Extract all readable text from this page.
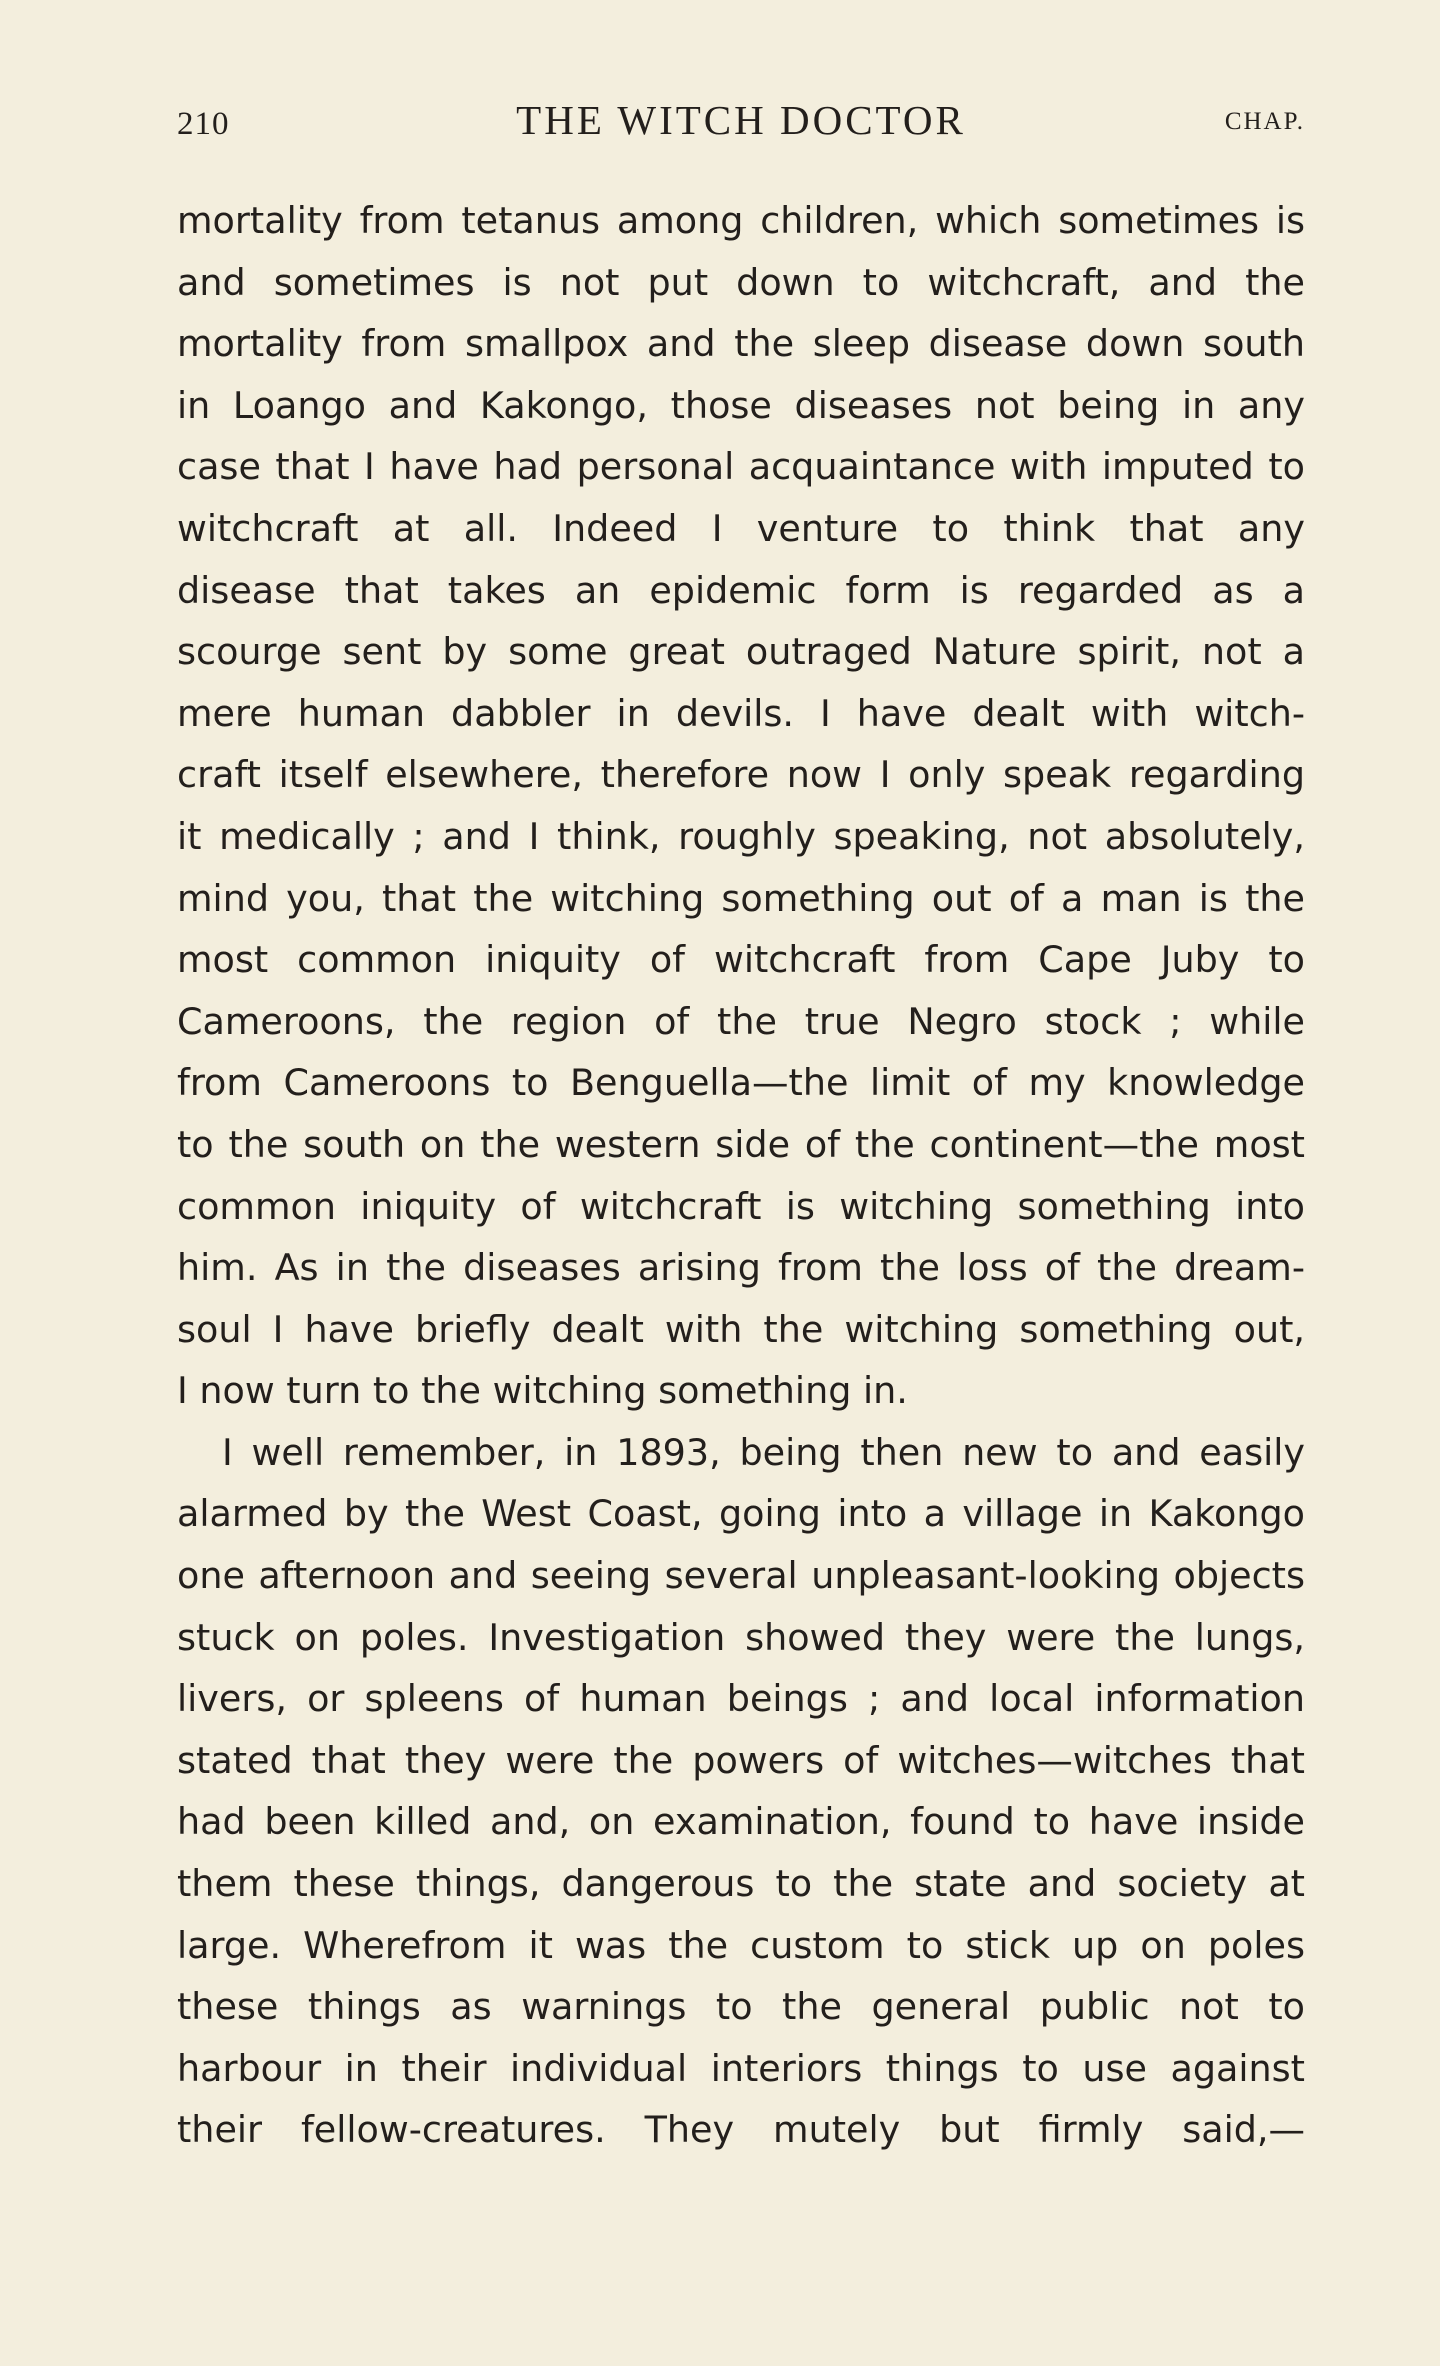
210	THE WITCH DOCTOR	CHAP.
mortality from tetanus among children, which sometimes is
and sometimes is not put down to witchcraft, and the
mortality from smallpox and the sleep disease down south
in Loango and Kakongo, those diseases not being in any
case that I have had personal acquaintance with imputed to
witchcraft at all. Indeed I venture to think that any
disease that takes an epidemic form is regarded as a
scourge sent by some great outraged Nature spirit, not a
mere human dabbler in devils. I have dealt with witch-
craft itself elsewhere, therefore now I only speak regarding
it medically ; and I think, roughly speaking, not absolutely,
mind you, that the witching something out of a man is the
most common iniquity of witchcraft from Cape Juby to
Cameroons, the region of the true Negro stock ; while
from Cameroons to Benguella—the limit of my knowledge
to the south on the western side of the continent—the most
common iniquity of witchcraft is witching something into
him. As in the diseases arising from the loss of the dream-
soul I have briefly dealt with the witching something out,
I now turn to the witching something in.
I well remember, in 1893, being then new to and easily
alarmed by the West Coast, going into a village in Kakongo
one afternoon and seeing several unpleasant-looking objects
stuck on poles. Investigation showed they were the lungs,
livers, or spleens of human beings ; and local information
stated that they were the powers of witches—witches that
had been killed and, on examination, found to have inside
them these things, dangerous to the state and society at
large. Wherefrom it was the custom to stick up on poles
these things as warnings to the general public not to
harbour in their individual interiors things to use against
their fellow-creatures. They mutely but firmly said,—
